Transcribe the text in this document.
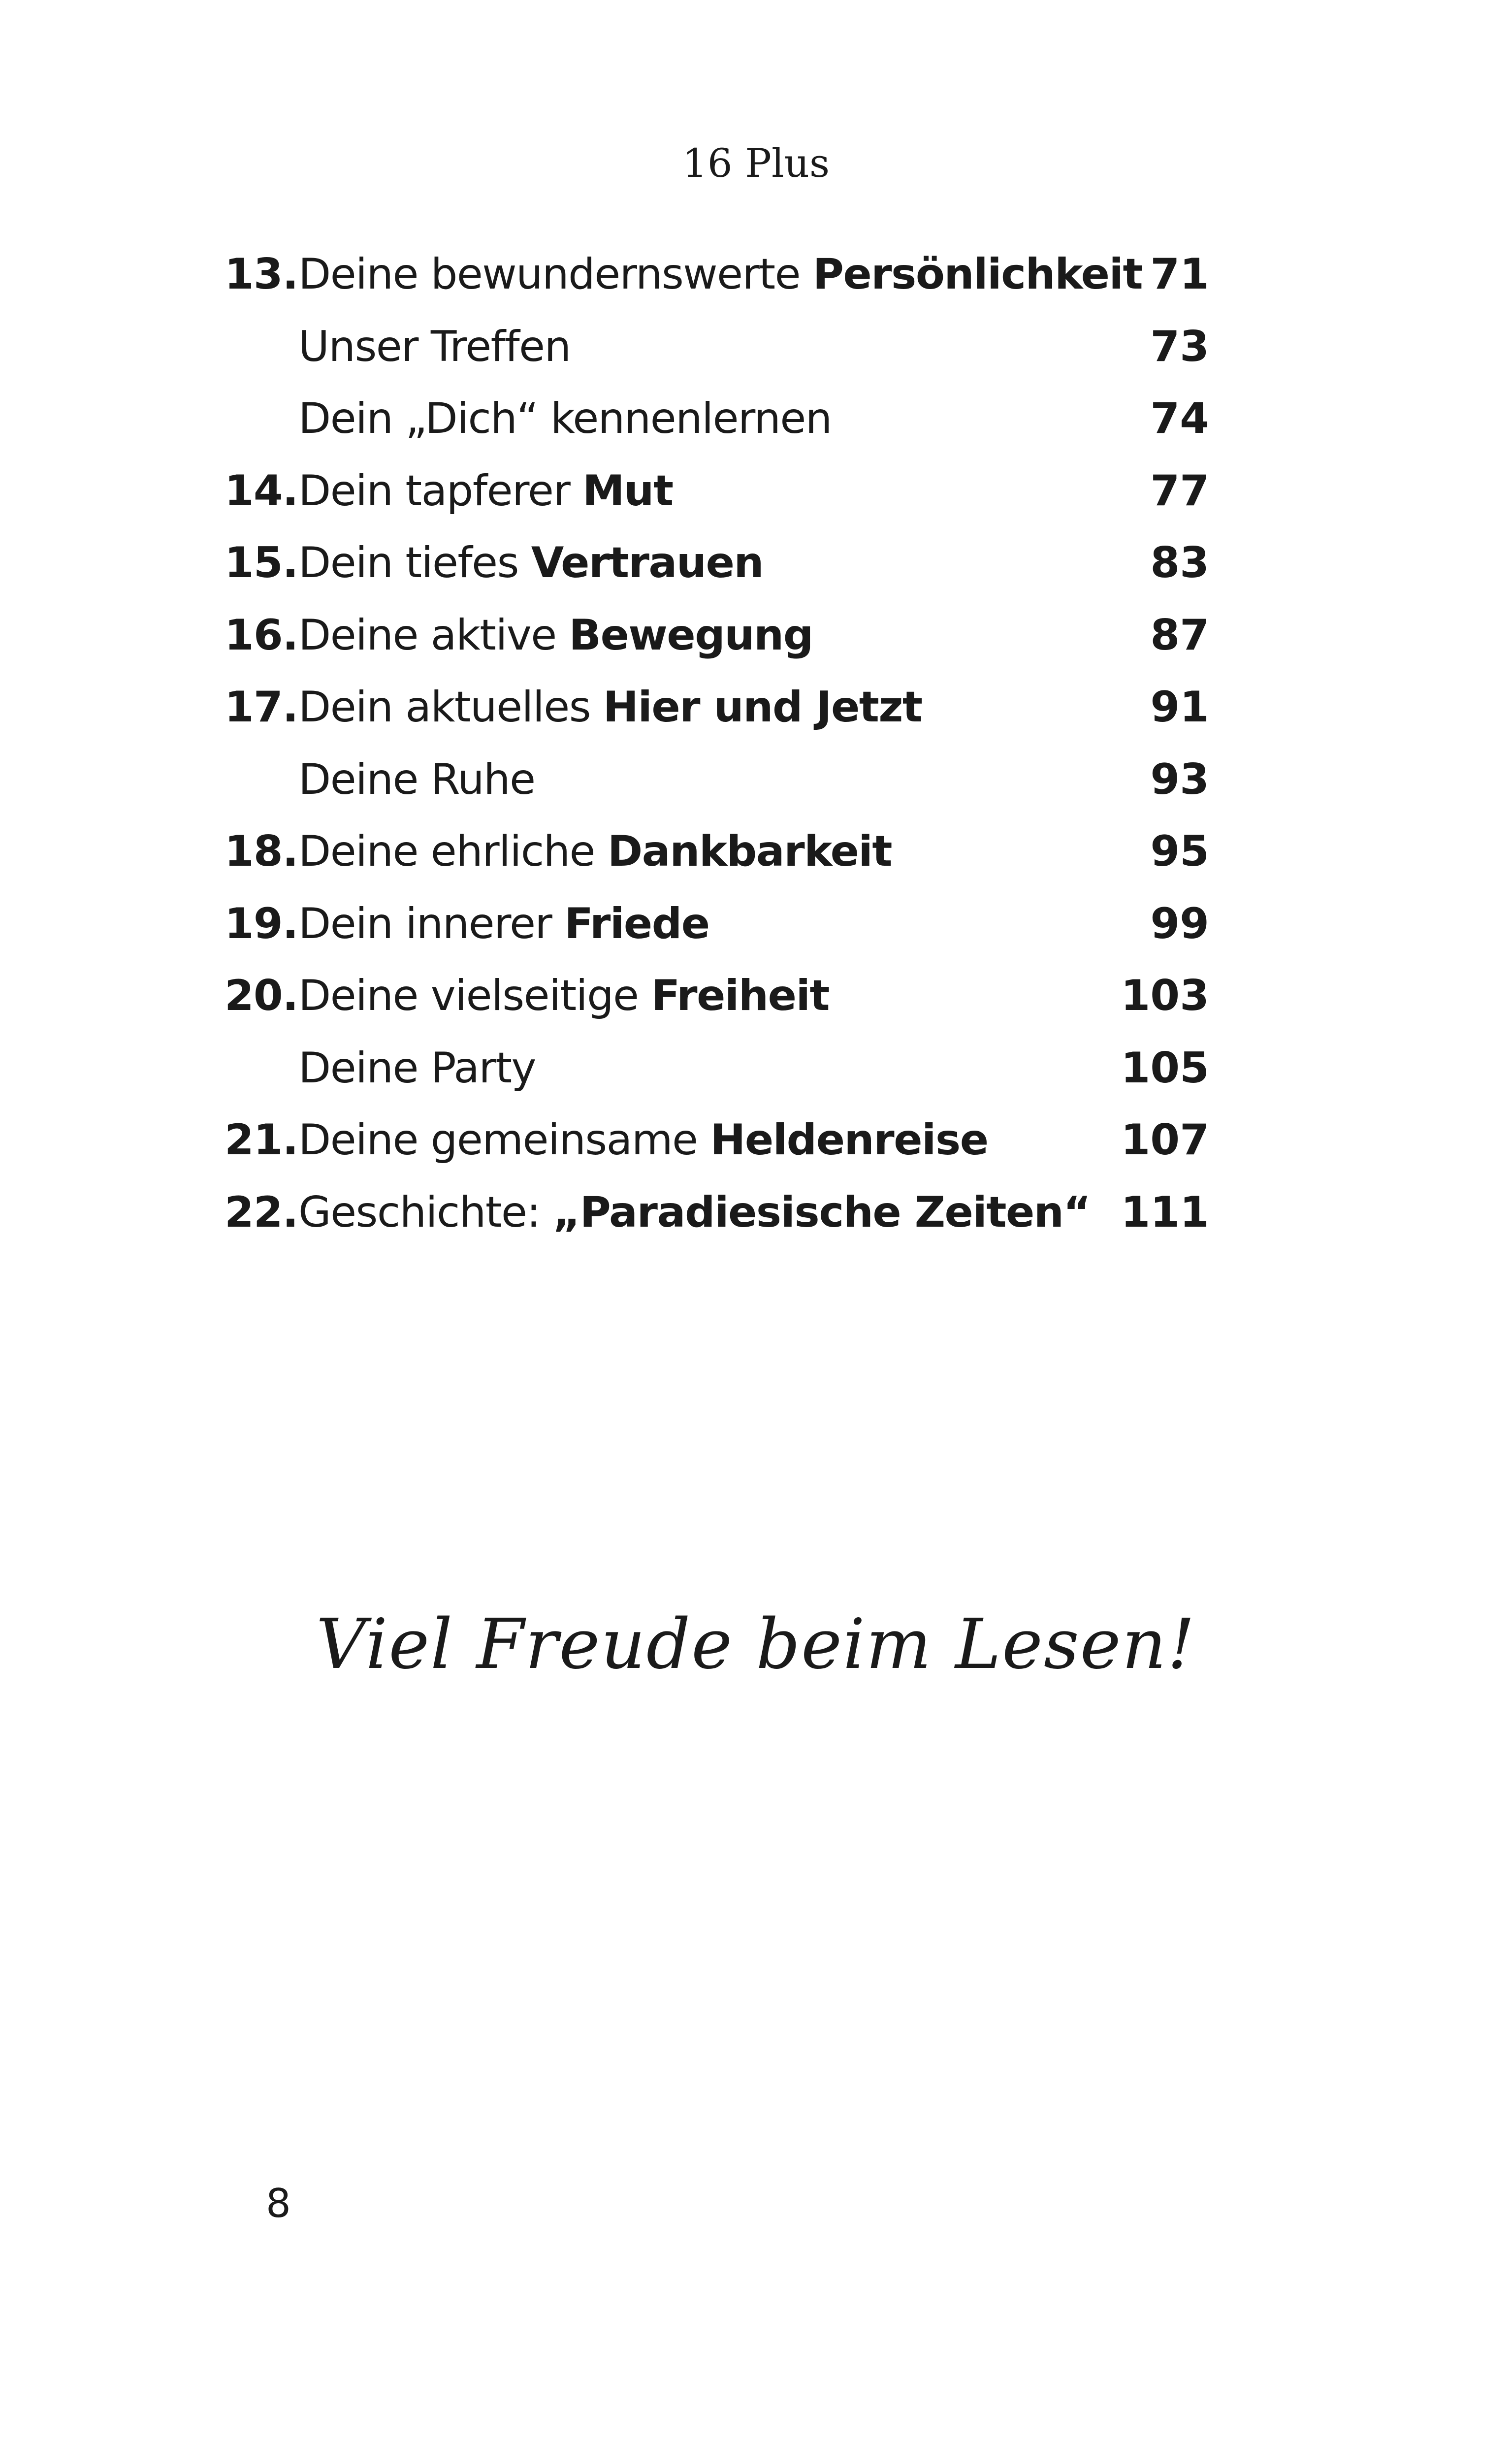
16 Plus
13. Deine bewundernswerte Persönlichkeit 71
Unser Treffen	73
Dein „Dich“ kennenlernen	74
14. Dein tapferer Mut	77
15. Dein tiefes Vertrauen	83
16. Deine aktive Bewegung	87
17. Dein aktuelles Hier und Jetzt	91
Deine Ruhe	93
18. Deine ehrliche Dankbarkeit	95
19. Dein innerer Friede	99
20. Deine vielseitige Freiheit	103
Deine Party	105
21. Deine gemeinsame Heldenreise	107
22. Geschichte: „Paradiesische Zeiten“ 111
Viel Freude beim Lesen!
8
